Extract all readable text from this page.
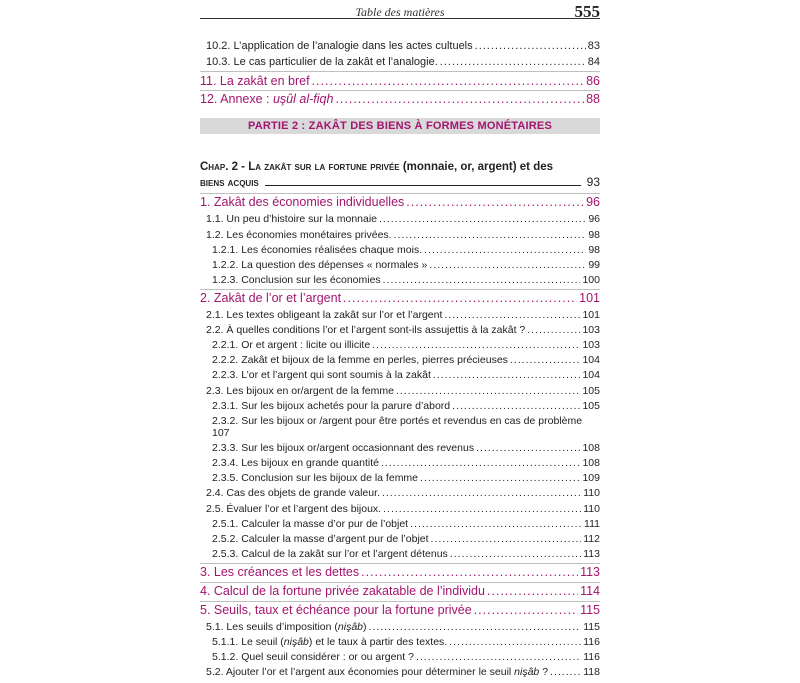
Table des matières	555
10.2. L’application de l’analogie dans les actes cultuels .....	83
10.3. Le cas particulier de la zakât et l’analogie. .....	84
11. La zakât en bref .....	86
12. Annexe : uşûl al-fiqh .....	88
PARTIE 2 : ZAKÂT DES BIENS À FORMES MONÉTAIRES
Chap. 2 - La zakât sur la fortune privée (monnaie, or, argent) et des
biens acquis	93
1. Zakât des économies individuelles .....	96
1.1. Un peu d’histoire sur la monnaie .....	96
1.2. Les économies monétaires privées. .....	98
1.2.1. Les économies réalisées chaque mois. .....	98
1.2.2. La question des dépenses « normales » .....	99
1.2.3. Conclusion sur les économies .....	100
2. Zakât de l’or et l’argent .....	101
2.1. Les textes obligeant la zakât sur l’or et l’argent .....	101
2.2. À quelles conditions l’or et l’argent sont-ils assujettis à la zakât ? .....	103
2.2.1. Or et argent : licite ou illicite .....	103
2.2.2. Zakât et bijoux de la femme en perles, pierres précieuses .....	104
2.2.3. L’or et l’argent qui sont soumis à la zakât .....	104
2.3. Les bijoux en or/argent de la femme .....	105
2.3.1. Sur les bijoux achetés pour la parure d’abord .....	105
2.3.2. Sur les bijoux or /argent pour être portés et revendus en cas de problème
107
2.3.3. Sur les bijoux or/argent occasionnant des revenus .....	108
2.3.4. Les bijoux en grande quantité .....	108
2.3.5. Conclusion sur les bijoux de la femme .....	109
2.4. Cas des objets de grande valeur. .....	110
2.5. Évaluer l’or et l’argent des bijoux. .....	110
2.5.1. Calculer la masse d’or pur de l’objet .....	111
2.5.2. Calculer la masse d’argent pur de l’objet .....	112
2.5.3. Calcul de la zakât sur l’or et l’argent détenus .....	113
3. Les créances et les dettes .....	113
4. Calcul de la fortune privée zakatable de l’individu .....	114
5. Seuils, taux et échéance pour la fortune privée .....	115
5.1. Les seuils d’imposition (nişâb) .....	115
5.1.1. Le seuil (nişâb) et le taux à partir des textes. .....	116
5.1.2. Quel seuil considérer : or ou argent ? .....	116
5.2. Ajouter l’or et l’argent aux économies pour déterminer le seuil nişâb ? .....	118
